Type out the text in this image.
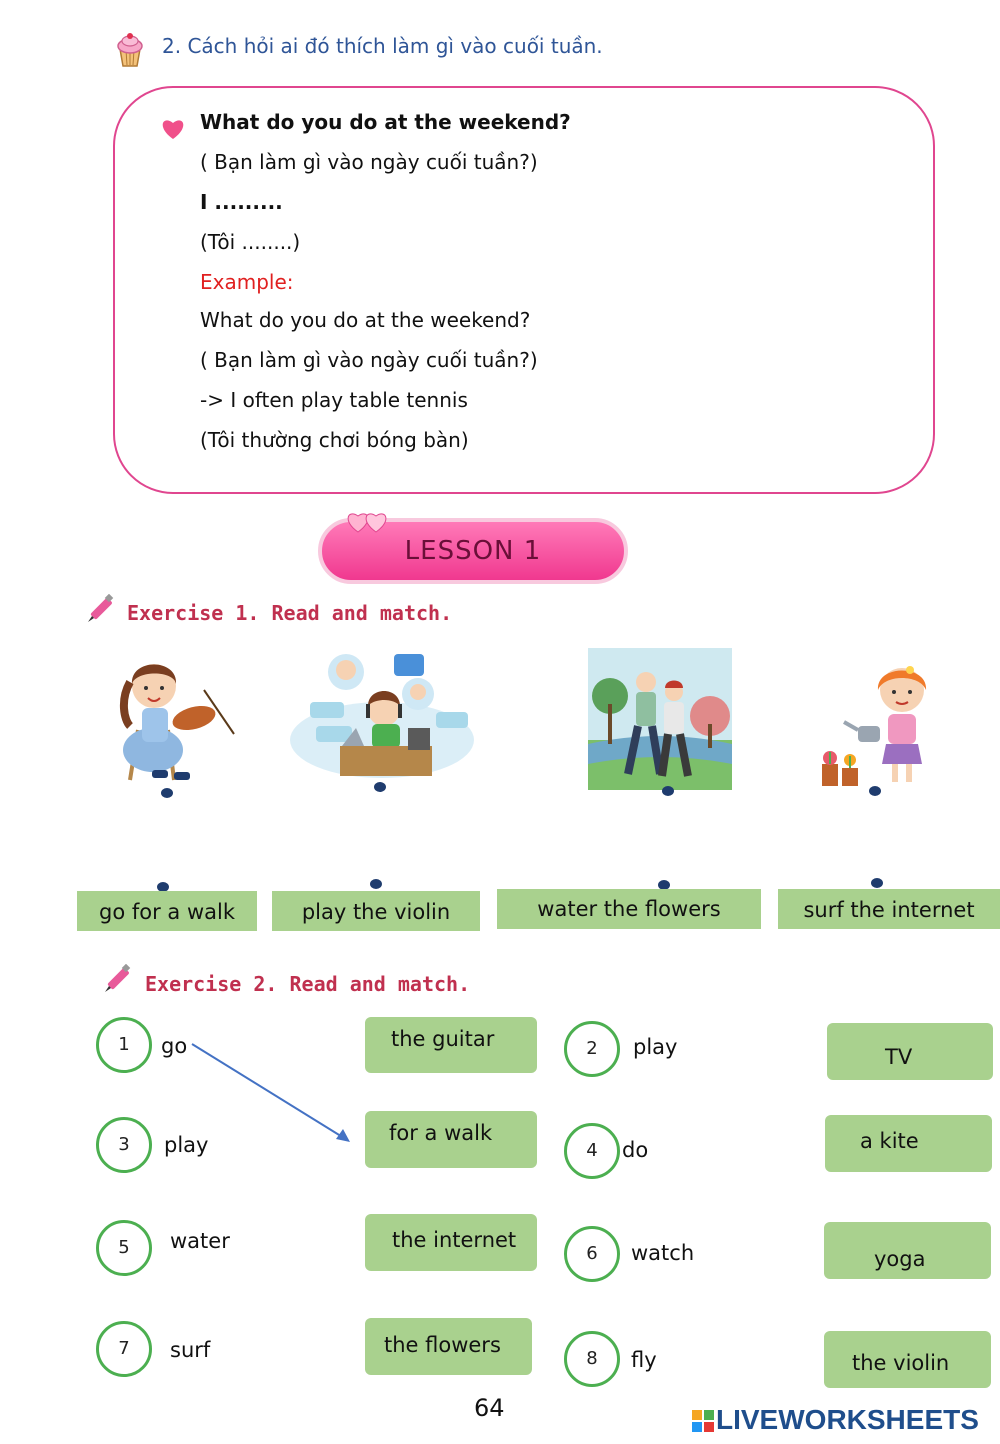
2. Cách hỏi ai đó thích làm gì vào cuối tuần.
What do you do at the weekend?
( Bạn làm gì vào ngày cuối tuần?)
I .........
(Tôi ........)
Example:
What do you do at the weekend?
( Bạn làm gì vào ngày cuối tuần?)
-> I often play table tennis
(Tôi thường chơi bóng bàn)
LESSON 1
Exercise 1. Read and match.
go for a walk	play the violin	water the flowers	surf the internet
Exercise 2. Read and match.
1	go
3	play
5	water
7	surf
the guitar
for a walk
the internet
the flowers
2	play
4	do
6	watch
8	fly
TV
a kite
yoga
the violin
64	LIVEWORKSHEETS
